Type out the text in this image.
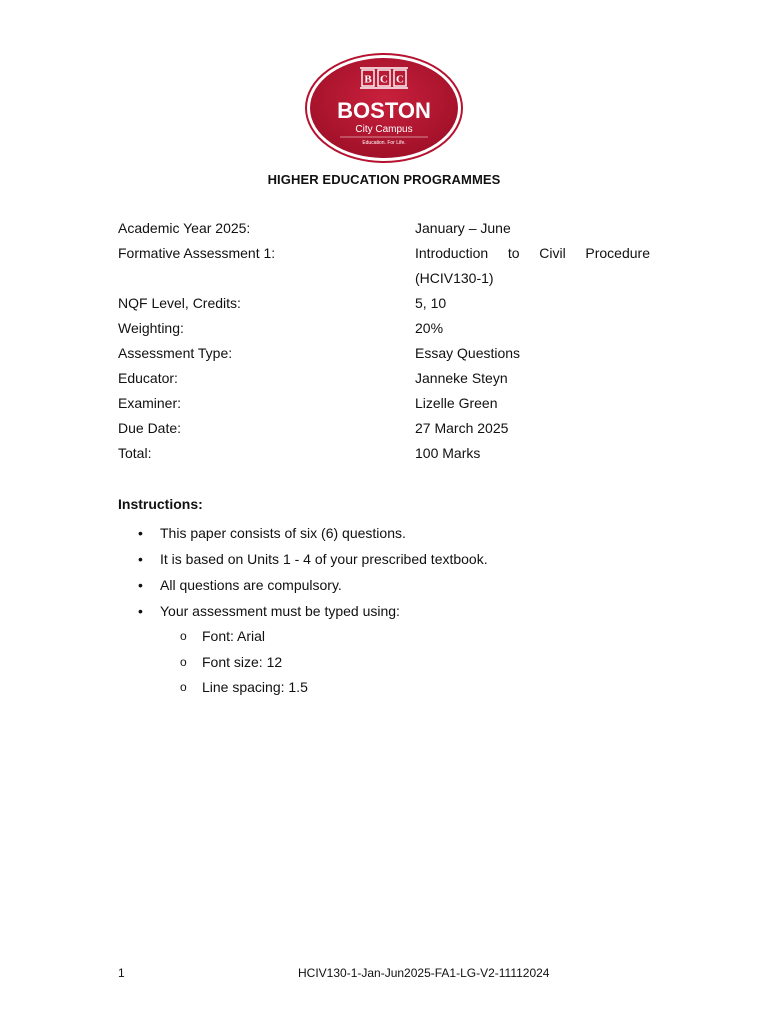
B C C
BOSTON
City Campus
Education. For Life.
HIGHER EDUCATION PROGRAMMES
Academic Year 2025:	January – June
Formative Assessment 1:	Introduction to Civil Procedure
(HCIV130-1)
NQF Level, Credits:	5, 10
Weighting:	20%
Assessment Type:	Essay Questions
Educator:	Janneke Steyn
Examiner:	Lizelle Green
Due Date:	27 March 2025
Total:	100 Marks
Instructions:
• This paper consists of six (6) questions.
• It is based on Units 1 - 4 of your prescribed textbook.
• All questions are compulsory.
• Your assessment must be typed using:
o Font: Arial
o Font size: 12
o Line spacing: 1.5
1	HCIV130-1-Jan-Jun2025-FA1-LG-V2-11112024
